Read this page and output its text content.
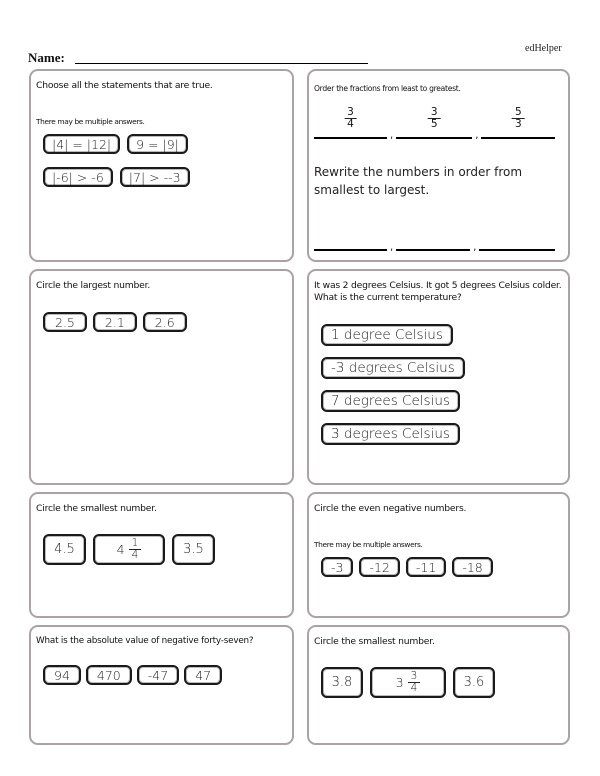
edHelper
Name:
Choose all the statements that are true.
There may be multiple answers.
|4| = |12|	9 = |9|
|-6| > -6	|7| > --3
Order the fractions from least to greatest.
$\frac{3}{4}$
,
$\frac{3}{5}$
,
$\frac{5}{3}$
Rewrite the numbers in order from smallest to largest.
,	,
Circle the largest number.
2.5	2.1	2.6
It was 2 degrees Celsius. It got 5 degrees Celsius colder. What is the current temperature?
1 degree Celsius
-3 degrees Celsius
7 degrees Celsius
3 degrees Celsius
Circle the smallest number.
4.5	$4 \frac{1}{4}$	3.5
Circle the even negative numbers.
There may be multiple answers.
-3	-12	-11	-18
What is the absolute value of negative forty-seven?
94	470	-47	47
Circle the smallest number.
3.8	$3 \frac{3}{4}$	3.6
